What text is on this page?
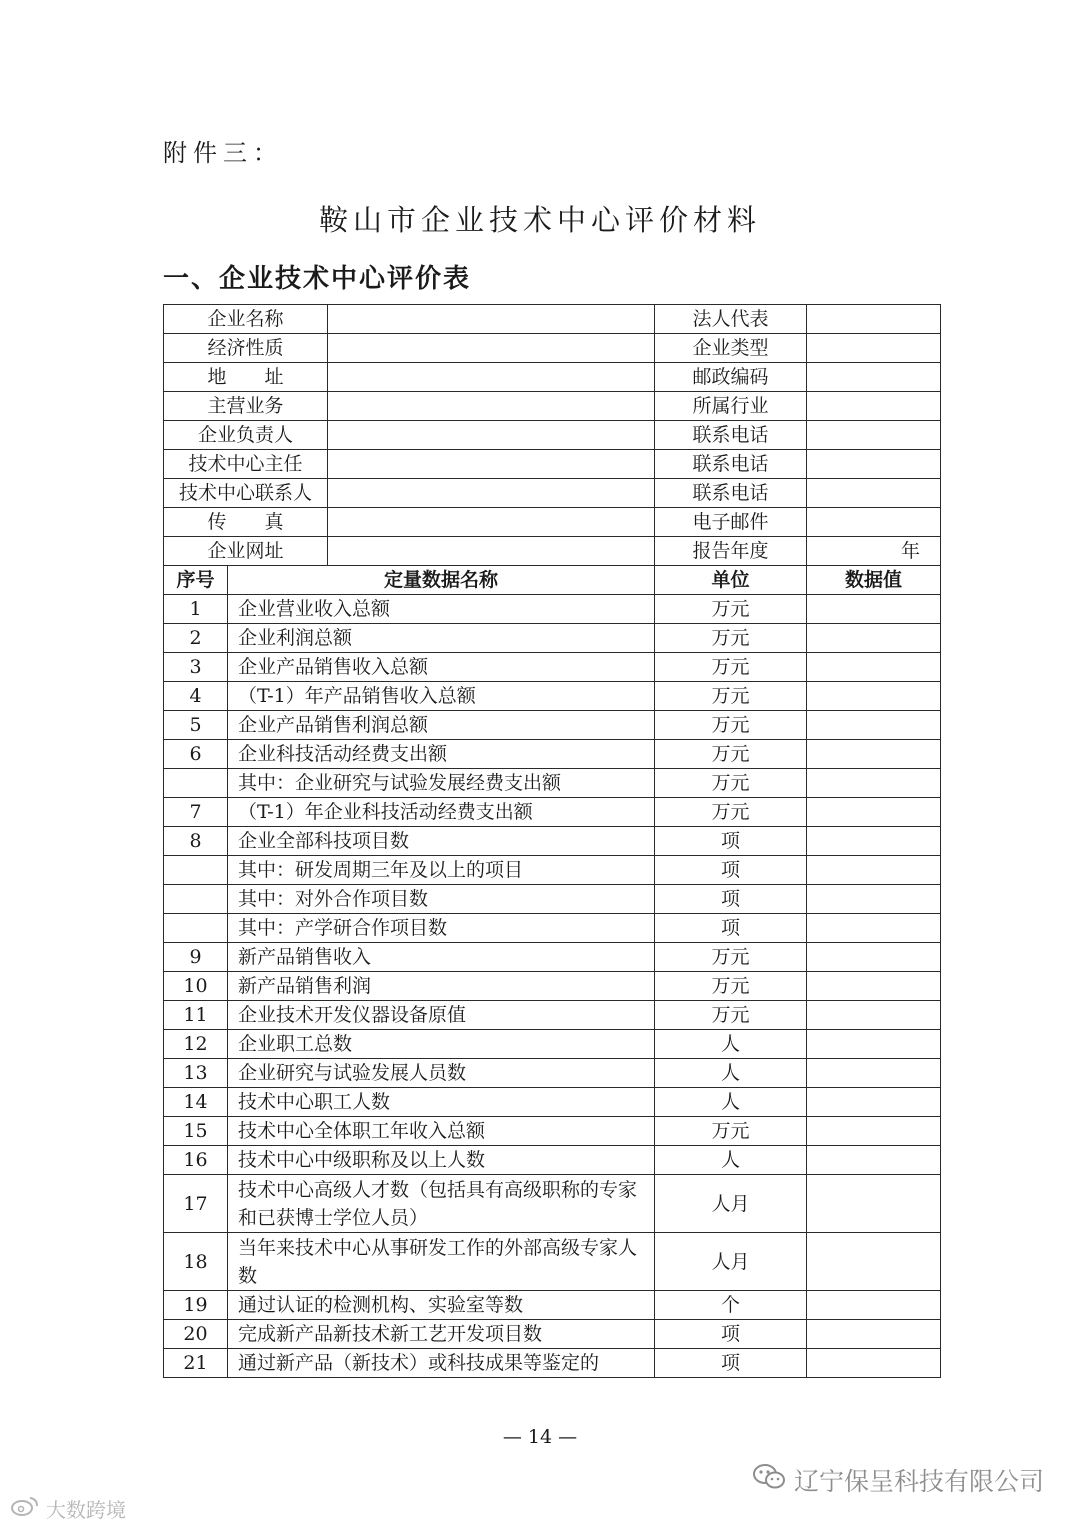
附件三：
鞍山市企业技术中心评价材料
一、企业技术中心评价表
企业名称			法人代表	
经济性质			企业类型	
地　　址			邮政编码	
主营业务			所属行业	
企业负责人			联系电话	
技术中心主任			联系电话	
技术中心联系人			联系电话	
传　　真			电子邮件	
企业网址			报告年度	年
序号	定量数据名称		单位	数据值
1	企业营业收入总额		万元	
2	企业利润总额		万元	
3	企业产品销售收入总额		万元	
4	（T-1）年产品销售收入总额		万元	
5	企业产品销售利润总额		万元	
6	企业科技活动经费支出额		万元	
	其中：企业研究与试验发展经费支出额		万元	
7	（T-1）年企业科技活动经费支出额		万元	
8	企业全部科技项目数		项	
	其中：研发周期三年及以上的项目		项	
	其中：对外合作项目数		项	
	其中：产学研合作项目数		项	
9	新产品销售收入		万元	
10	新产品销售利润		万元	
11	企业技术开发仪器设备原值		万元	
12	企业职工总数		人	
13	企业研究与试验发展人员数		人	
14	技术中心职工人数		人	
15	技术中心全体职工年收入总额		万元	
16	技术中心中级职称及以上人数		人	
17	技术中心高级人才数（包括具有高级职称的专家和已获博士学位人员）		人月	
18	当年来技术中心从事研发工作的外部高级专家人数		人月	
19	通过认证的检测机构、实验室等数		个	
20	完成新产品新技术新工艺开发项目数		项	
21	通过新产品（新技术）或科技成果等鉴定的		项	
— 14 —
辽宁保呈科技有限公司
大数跨境
